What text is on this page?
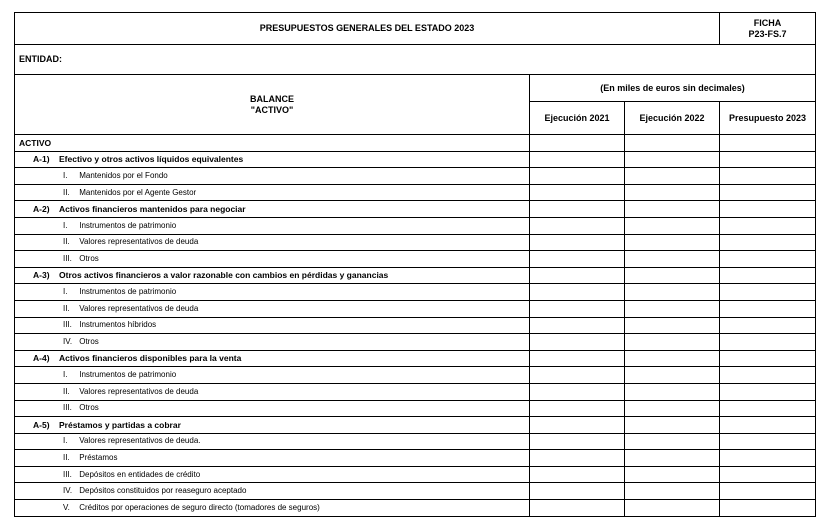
PRESUPUESTOS GENERALES DEL ESTADO 2023			FICHA
P23-FS.7
ENTIDAD:			
BALANCE
"ACTIVO"	(En miles de euros sin decimales)		
	Ejecución 2021	Ejecución 2022	Presupuesto 2023
ACTIVO			
A-1) Efectivo y otros activos líquidos equivalentes			
I. Mantenidos por el Fondo			
II. Mantenidos por el Agente Gestor			
A-2) Activos financieros mantenidos para negociar			
I. Instrumentos de patrimonio			
II. Valores representativos de deuda			
III. Otros			
A-3) Otros activos financieros a valor razonable con cambios en pérdidas y ganancias			
I. Instrumentos de patrimonio			
II. Valores representativos de deuda			
III. Instrumentos híbridos			
IV. Otros			
A-4) Activos financieros disponibles para la venta			
I. Instrumentos de patrimonio			
II. Valores representativos de deuda			
III. Otros			
A-5) Préstamos y partidas a cobrar			
I. Valores representativos de deuda.			
II. Préstamos			
III. Depósitos en entidades de crédito			
IV. Depósitos constituidos por reaseguro aceptado			
V. Créditos por operaciones de seguro directo (tomadores de seguros)			
